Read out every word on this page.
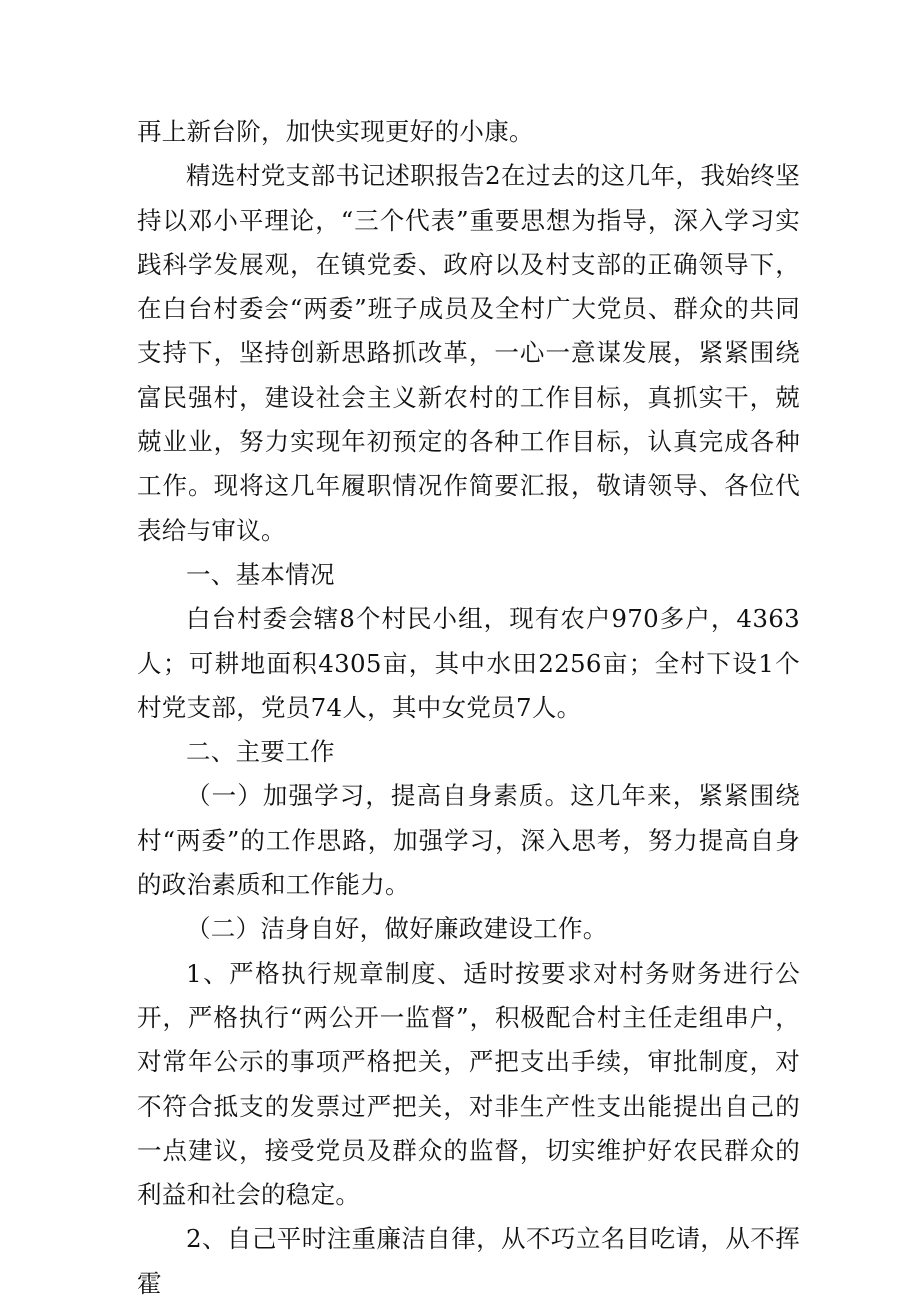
再上新台阶，加快实现更好的小康。

精选村党支部书记述职报告2在过去的这几年，我始终坚持以邓小平理论，“三个代表”重要思想为指导，深入学习实践科学发展观，在镇党委、政府以及村支部的正确领导下，在白台村委会“两委”班子成员及全村广大党员、群众的共同支持下，坚持创新思路抓改革，一心一意谋发展，紧紧围绕富民强村，建设社会主义新农村的工作目标，真抓实干，兢兢业业，努力实现年初预定的各种工作目标，认真完成各种工作。现将这几年履职情况作简要汇报，敬请领导、各位代表给与审议。

一、基本情况

白台村委会辖8个村民小组，现有农户970多户，4363人；可耕地面积4305亩，其中水田2256亩；全村下设1个村党支部，党员74人，其中女党员7人。

二、主要工作

（一）加强学习，提高自身素质。这几年来，紧紧围绕村“两委”的工作思路，加强学习，深入思考，努力提高自身的政治素质和工作能力。

（二）洁身自好，做好廉政建设工作。

1、严格执行规章制度、适时按要求对村务财务进行公开，严格执行“两公开一监督”，积极配合村主任走组串户，对常年公示的事项严格把关，严把支出手续，审批制度，对不符合抵支的发票过严把关，对非生产性支出能提出自己的一点建议，接受党员及群众的监督，切实维护好农民群众的利益和社会的稳定。

2、自己平时注重廉洁自律，从不巧立名目吃请，从不挥霍
